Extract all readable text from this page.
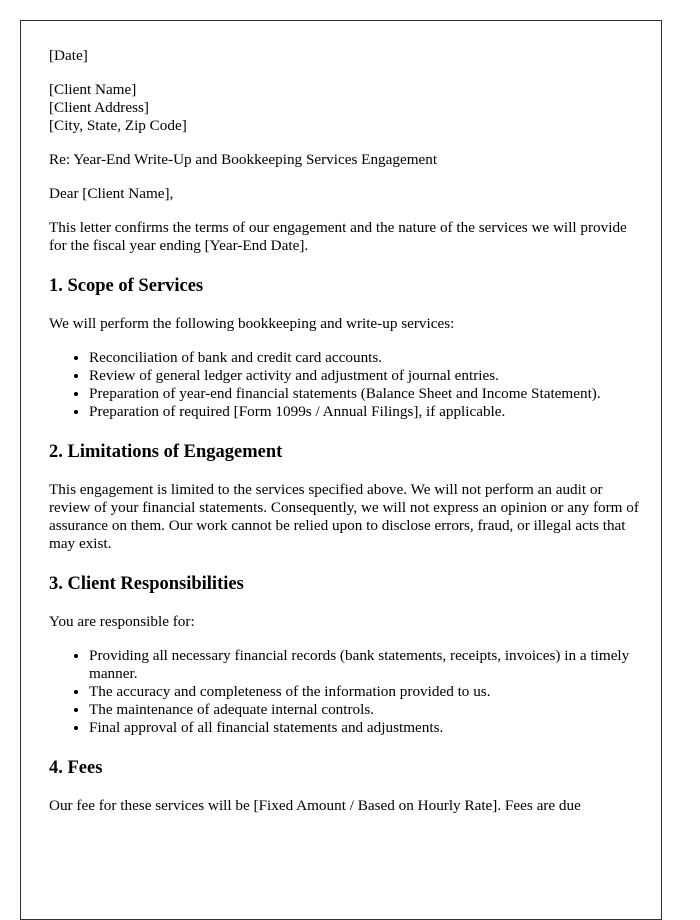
[Date]

[Client Name]
[Client Address]
[City, State, Zip Code]

Re: Year-End Write-Up and Bookkeeping Services Engagement

Dear [Client Name],

This letter confirms the terms of our engagement and the nature of the services we will provide for the fiscal year ending [Year-End Date].

1. Scope of Services

We will perform the following bookkeeping and write-up services:

• Reconciliation of bank and credit card accounts.
• Review of general ledger activity and adjustment of journal entries.
• Preparation of year-end financial statements (Balance Sheet and Income Statement).
• Preparation of required [Form 1099s / Annual Filings], if applicable.
2. Limitations of Engagement

This engagement is limited to the services specified above. We will not perform an audit or review of your financial statements. Consequently, we will not express an opinion or any form of assurance on them. Our work cannot be relied upon to disclose errors, fraud, or illegal acts that may exist.

3. Client Responsibilities

You are responsible for:

• Providing all necessary financial records (bank statements, receipts, invoices) in a timely manner.
• The accuracy and completeness of the information provided to us.
• The maintenance of adequate internal controls.
• Final approval of all financial statements and adjustments.
4. Fees

Our fee for these services will be [Fixed Amount / Based on Hourly Rate]. Fees are due
